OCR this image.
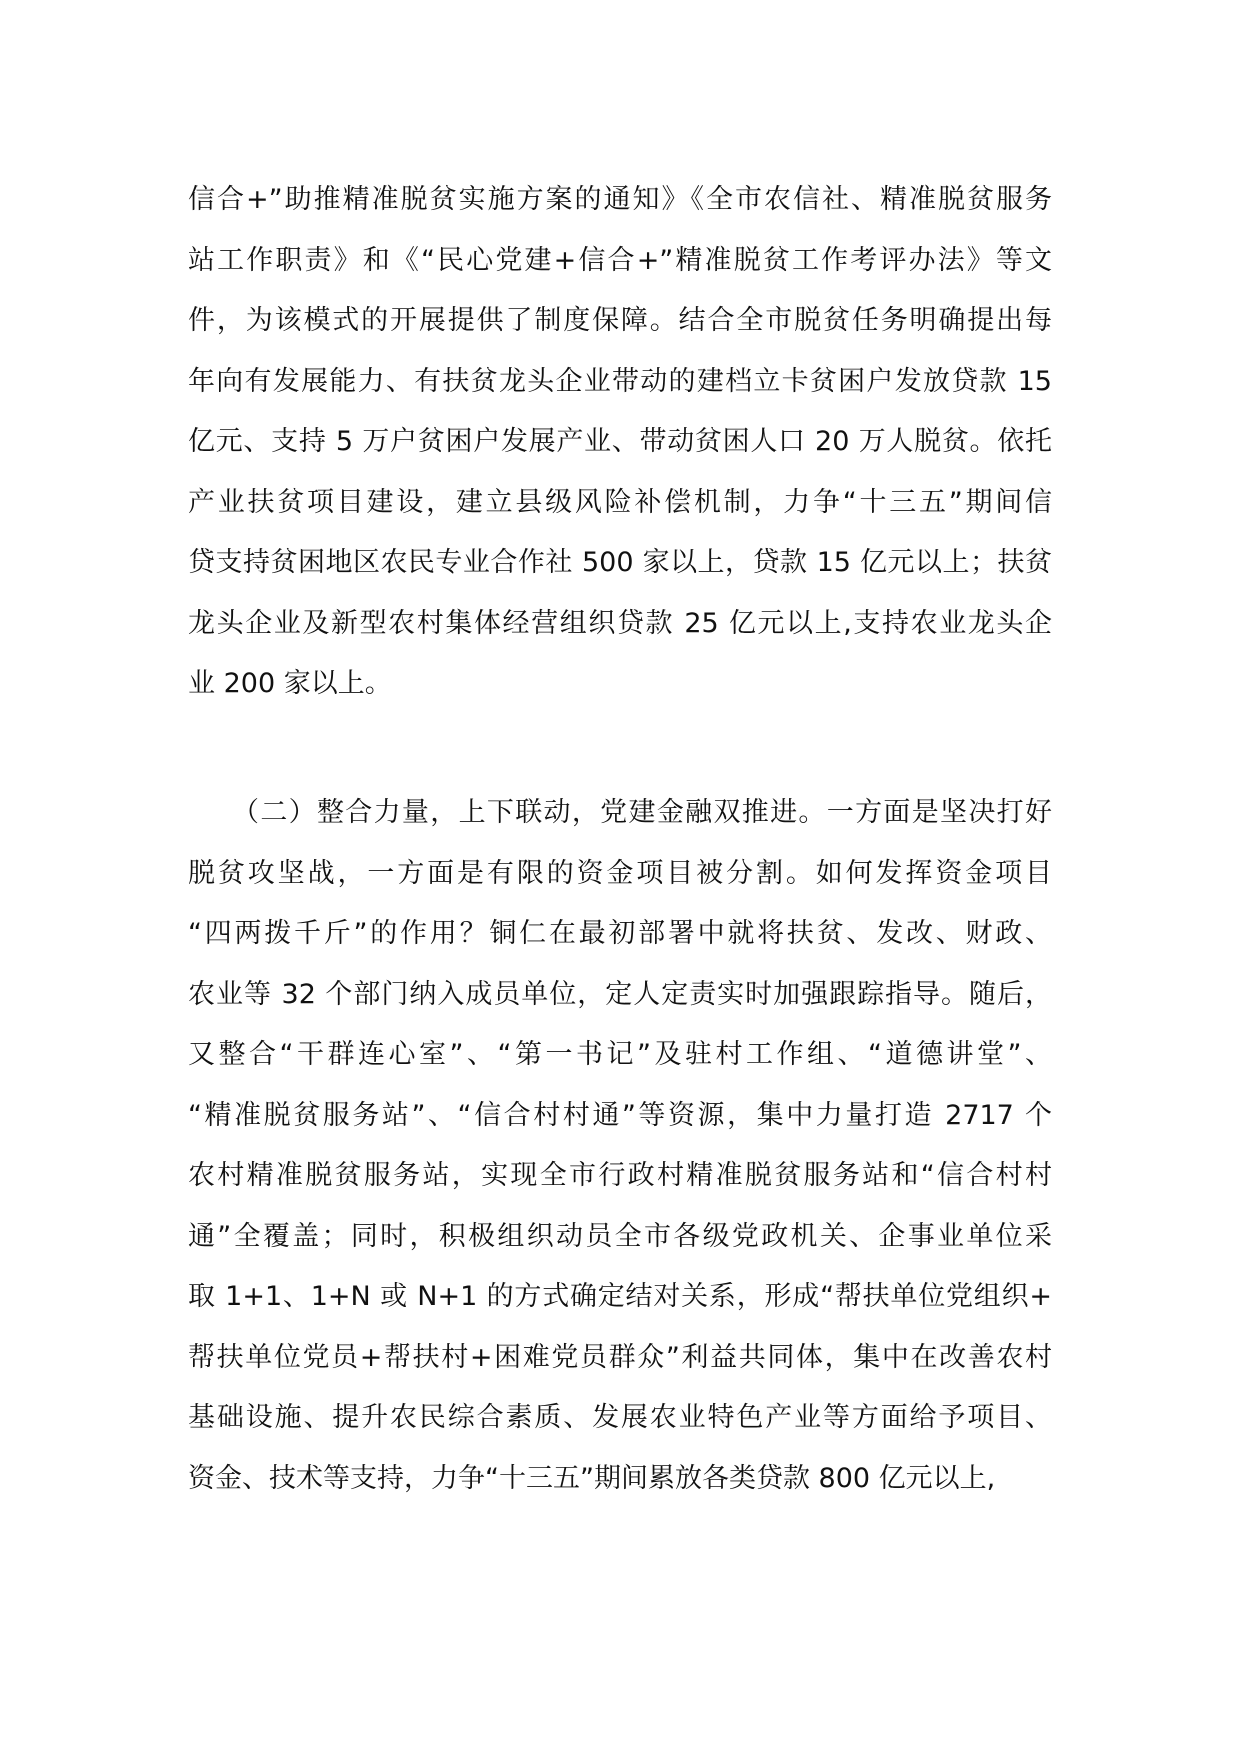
信合+”助推精准脱贫实施方案的通知》《全市农信社、精准脱贫服务
站工作职责》和《“民心党建+信合+”精准脱贫工作考评办法》等文
件，为该模式的开展提供了制度保障。结合全市脱贫任务明确提出每
年向有发展能力、有扶贫龙头企业带动的建档立卡贫困户发放贷款 15
亿元、支持 5 万户贫困户发展产业、带动贫困人口 20 万人脱贫。依托
产业扶贫项目建设，建立县级风险补偿机制，力争“十三五”期间信
贷支持贫困地区农民专业合作社 500 家以上，贷款 15 亿元以上；扶贫
龙头企业及新型农村集体经营组织贷款 25 亿元以上,支持农业龙头企
业 200 家以上。
（二）整合力量，上下联动，党建金融双推进。一方面是坚决打好
脱贫攻坚战，一方面是有限的资金项目被分割。如何发挥资金项目
“四两拨千斤”的作用？铜仁在最初部署中就将扶贫、发改、财政、
农业等 32 个部门纳入成员单位，定人定责实时加强跟踪指导。随后，
又整合“干群连心室”、“第一书记”及驻村工作组、“道德讲堂”、
“精准脱贫服务站”、“信合村村通”等资源，集中力量打造 2717 个
农村精准脱贫服务站，实现全市行政村精准脱贫服务站和“信合村村
通”全覆盖；同时，积极组织动员全市各级党政机关、企事业单位采
取 1+1、1+N 或 N+1 的方式确定结对关系，形成“帮扶单位党组织+
帮扶单位党员+帮扶村+困难党员群众”利益共同体，集中在改善农村
基础设施、提升农民综合素质、发展农业特色产业等方面给予项目、
资金、技术等支持，力争“十三五”期间累放各类贷款 800 亿元以上,
